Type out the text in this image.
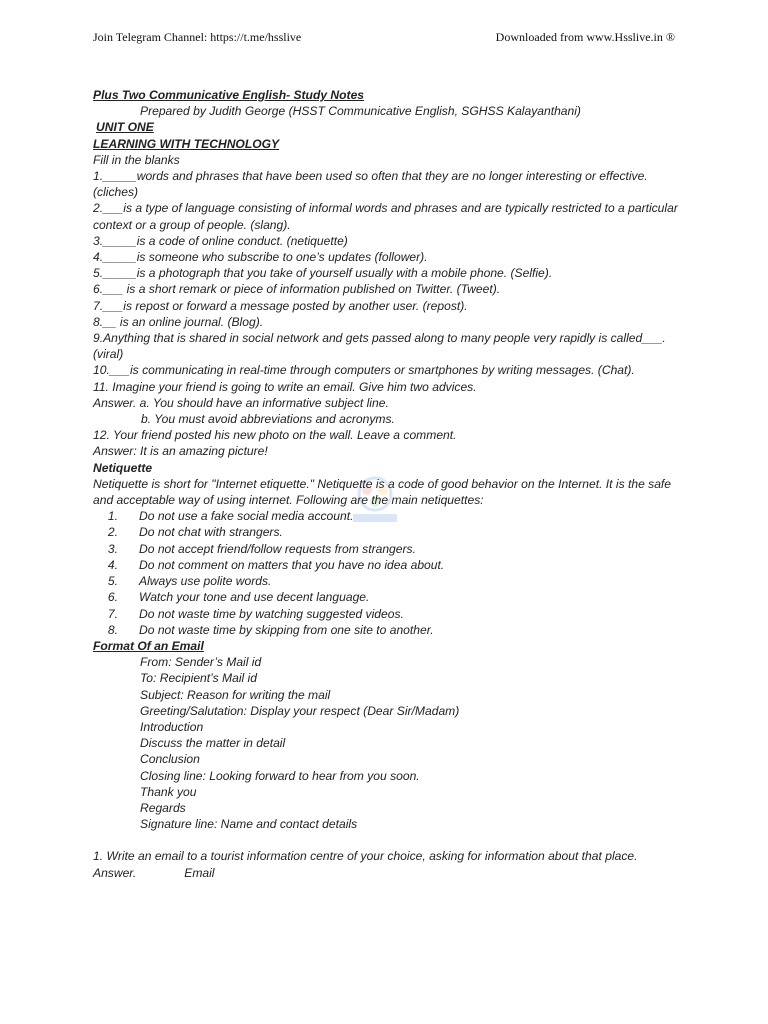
Join Telegram Channel: https://t.me/hsslive	Downloaded from www.Hsslive.in ®
Plus Two Communicative English- Study Notes
Prepared by Judith George (HSST Communicative English, SGHSS Kalayanthani)
UNIT ONE
LEARNING WITH TECHNOLOGY
Fill in the blanks
1._____words and phrases that have been used so often that they are no longer interesting or effective. (cliches)
2.___is a type of language consisting of informal words and phrases and are typically restricted to a particular context or a group of people. (slang).
3._____is a code of online conduct. (netiquette)
4._____is someone who subscribe to one’s updates (follower).
5._____is a photograph that you take of yourself usually with a mobile phone. (Selfie).
6.___ is a short remark or piece of information published on Twitter. (Tweet).
7.___is repost or forward a message posted by another user. (repost).
8.__ is an online journal. (Blog).
9.Anything that is shared in social network and gets passed along to many people very rapidly is called___. (viral)
10.___is communicating in real-time through computers or smartphones by writing messages. (Chat).
11. Imagine your friend is going to write an email. Give him two advices.
Answer. a. You should have an informative subject line.
b. You must avoid abbreviations and acronyms.
12. Your friend posted his new photo on the wall. Leave a comment.
Answer: It is an amazing picture!
Netiquette
Netiquette is short for "Internet etiquette." Netiquette is a code of good behavior on the Internet. It is the safe and acceptable way of using internet. Following are the main netiquettes:
1.	Do not use a fake social media account.
2.	Do not chat with strangers.
3.	Do not accept friend/follow requests from strangers.
4.	Do not comment on matters that you have no idea about.
5.	Always use polite words.
6.	Watch your tone and use decent language.
7.	Do not waste time by watching suggested videos.
8.	Do not waste time by skipping from one site to another.
Format Of an Email
From: Sender’s Mail id
To: Recipient’s Mail id
Subject: Reason for writing the mail
Greeting/Salutation: Display your respect (Dear Sir/Madam)
Introduction
Discuss the matter in detail
Conclusion
Closing line: Looking forward to hear from you soon.
Thank you
Regards
Signature line: Name and contact details
1. Write an email to a tourist information centre of your choice, asking for information about that place.
Answer.	Email
